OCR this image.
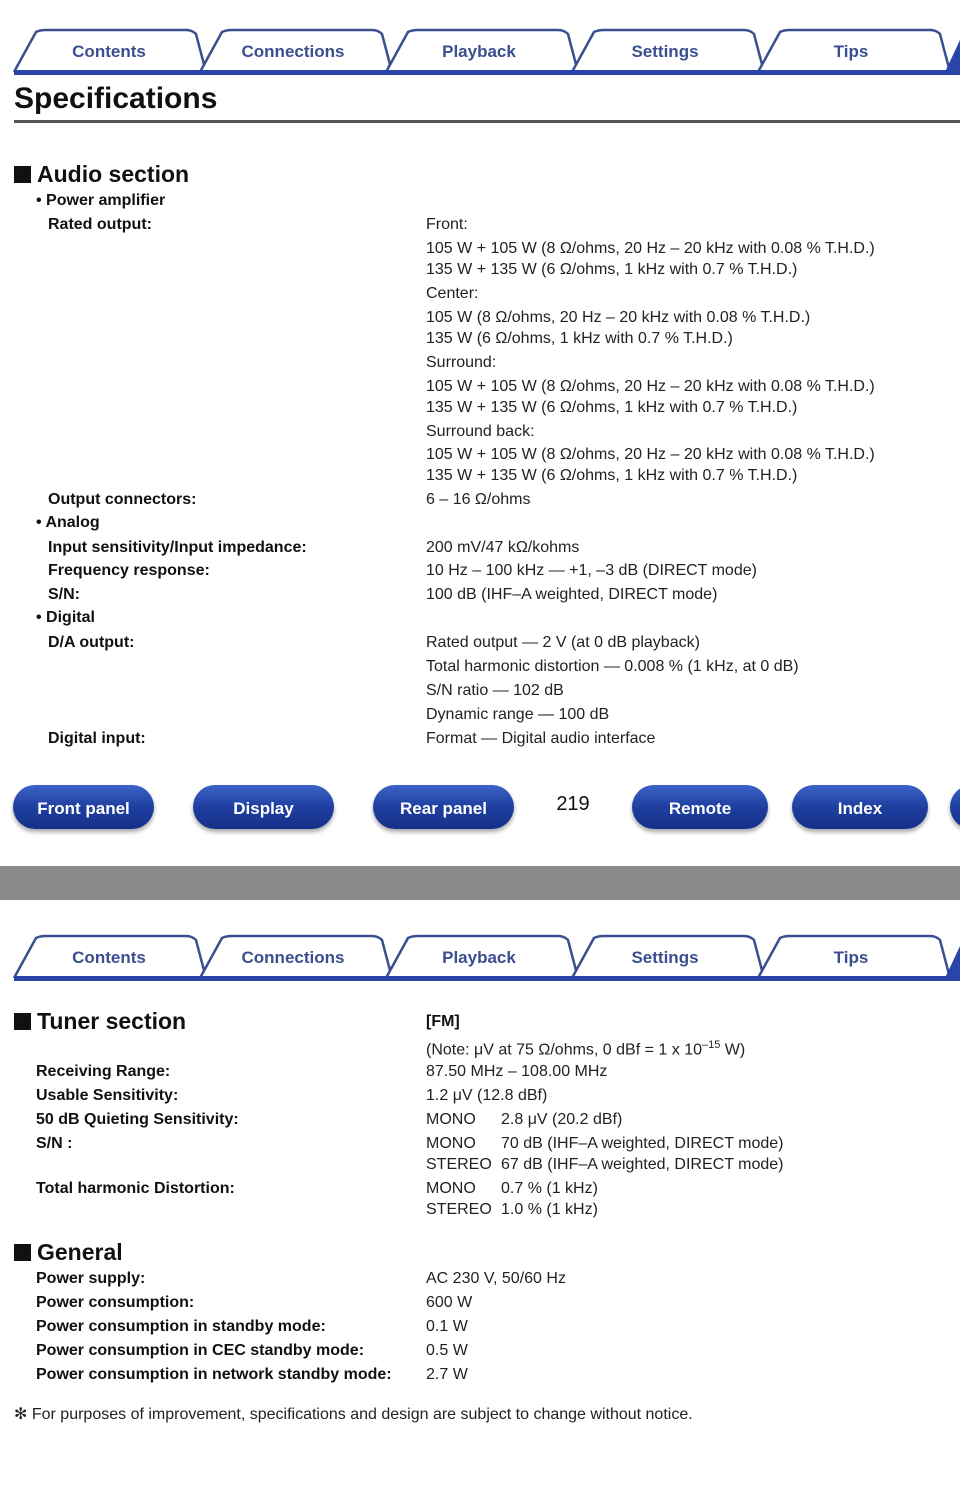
Contents	Connections	Playback	Settings	Tips
Specifications
Audio section
• Power amplifier
Rated output:	Front:
105 W + 105 W (8 Ω/ohms, 20 Hz – 20 kHz with 0.08 % T.H.D.)
135 W + 135 W (6 Ω/ohms, 1 kHz with 0.7 % T.H.D.)
Center:
105 W (8 Ω/ohms, 20 Hz – 20 kHz with 0.08 % T.H.D.)
135 W (6 Ω/ohms, 1 kHz with 0.7 % T.H.D.)
Surround:
105 W + 105 W (8 Ω/ohms, 20 Hz – 20 kHz with 0.08 % T.H.D.)
135 W + 135 W (6 Ω/ohms, 1 kHz with 0.7 % T.H.D.)
Surround back:
105 W + 105 W (8 Ω/ohms, 20 Hz – 20 kHz with 0.08 % T.H.D.)
135 W + 135 W (6 Ω/ohms, 1 kHz with 0.7 % T.H.D.)
Output connectors:	6 – 16 Ω/ohms
• Analog
Input sensitivity/Input impedance:	200 mV/47 kΩ/kohms
Frequency response:	10 Hz – 100 kHz — +1, –3 dB (DIRECT mode)
S/N:	100 dB (IHF–A weighted, DIRECT mode)
• Digital
D/A output:	Rated output — 2 V (at 0 dB playback)
Total harmonic distortion — 0.008 % (1 kHz, at 0 dB)
S/N ratio — 102 dB
Dynamic range — 100 dB
Digital input:	Format — Digital audio interface
Front panel	Display	Rear panel	219	Remote	Index
Contents	Connections	Playback	Settings	Tips
Tuner section	[FM]
(Note: μV at 75 Ω/ohms, 0 dBf = 1 x $10^{-15}$ W)
Receiving Range:	87.50 MHz – 108.00 MHz
Usable Sensitivity:	1.2 μV (12.8 dBf)
50 dB Quieting Sensitivity:	MONO 2.8 μV (20.2 dBf)
S/N :	MONO 70 dB (IHF–A weighted, DIRECT mode)
STEREO 67 dB (IHF–A weighted, DIRECT mode)
Total harmonic Distortion:	MONO 0.7 % (1 kHz)
STEREO 1.0 % (1 kHz)
General
Power supply:	AC 230 V, 50/60 Hz
Power consumption:	600 W
Power consumption in standby mode:	0.1 W
Power consumption in CEC standby mode:	0.5 W
Power consumption in network standby mode: 2.7 W
✻ For purposes of improvement, specifications and design are subject to change without notice.
